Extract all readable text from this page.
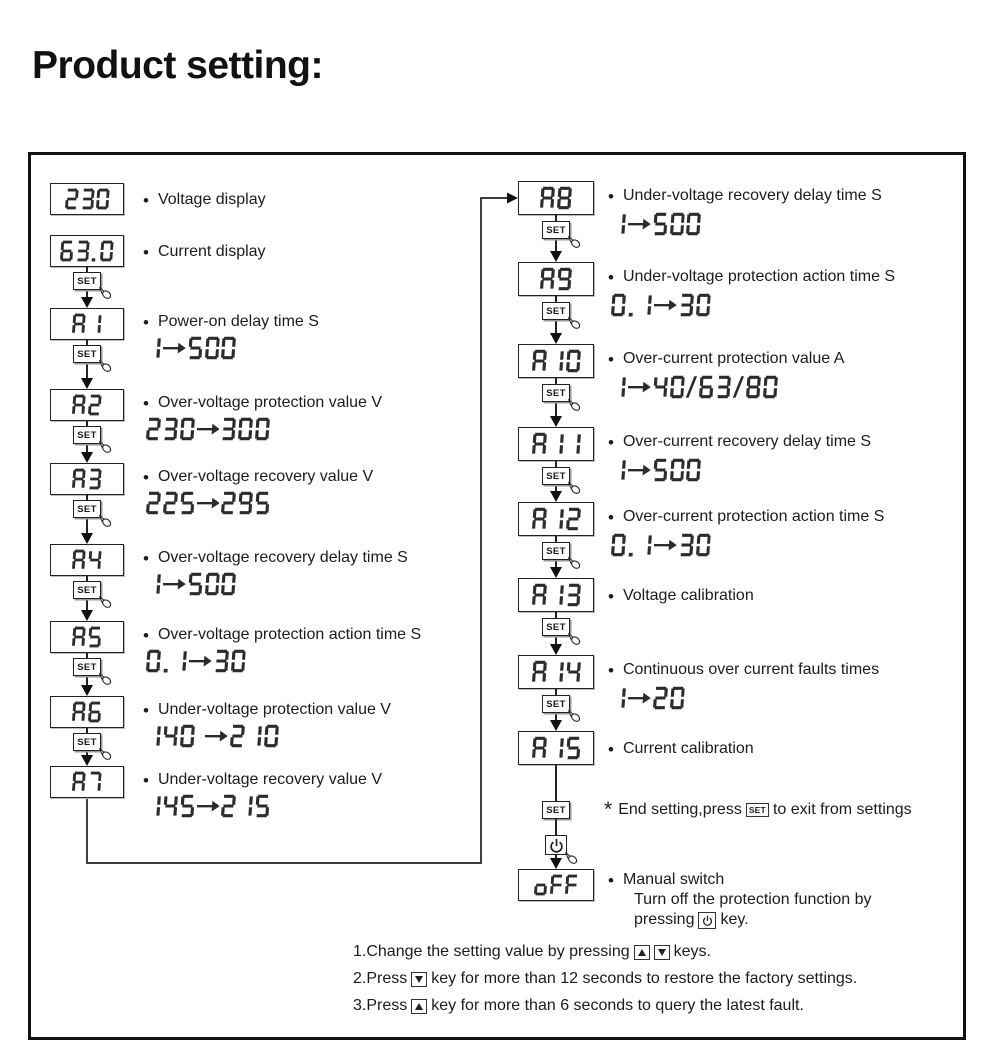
Product setting:
• Voltage display
• Current display
SET
• Power-on delay time S
SET
• Over-voltage protection value V
SET
• Over-voltage recovery value V
SET
• Over-voltage recovery delay time S
SET
• Over-voltage protection action time S
SET
• Under-voltage protection value V
SET
• Under-voltage recovery value V
• Under-voltage recovery delay time S
SET
• Under-voltage protection action time S
SET
• Over-current protection value A
SET
• Over-current recovery delay time S
SET
• Over-current protection action time S
SET
• Voltage calibration
SET
• Continuous over current faults times
SET
• Current calibration
SET * End setting,press SET to exit from settings
• Manual switch
Turn off the protection function by
pressing key.
1.Change the setting value by pressing	keys.
2.Press key for more than 12 seconds to restore the factory settings.
3.Press key for more than 6 seconds to query the latest fault.
